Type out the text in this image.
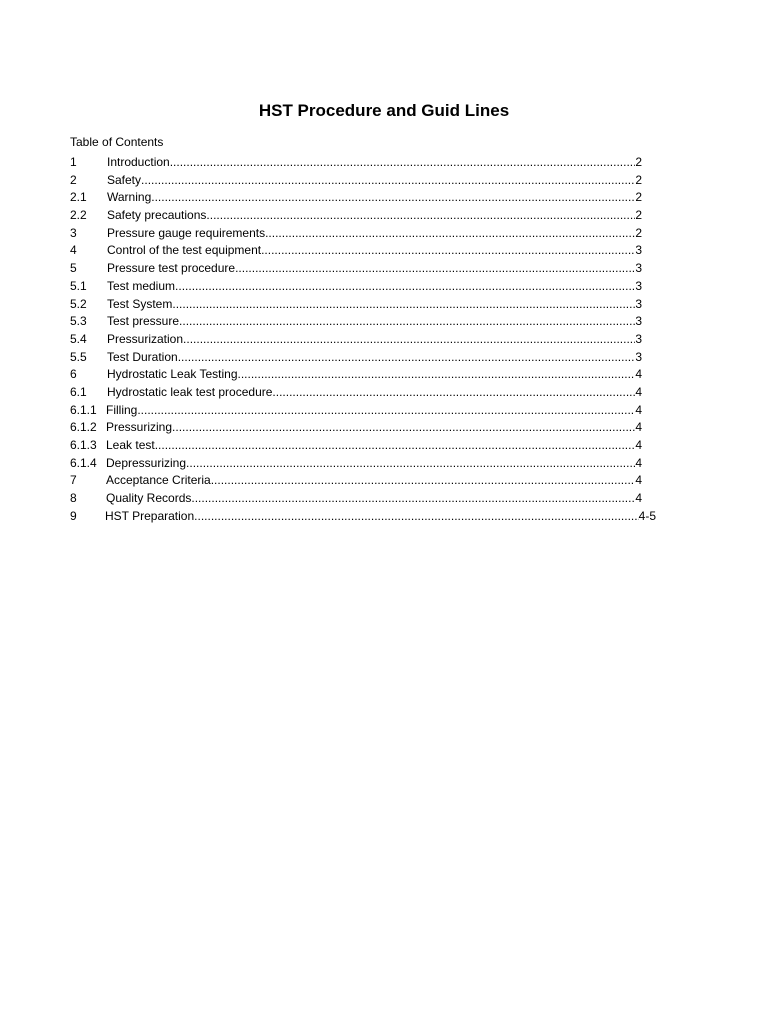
HST Procedure and Guid Lines
Table of Contents
1	Introduction .....	2
2	Safety .....	2
2.1 Warning .....	2
2.2 Safety precautions .....	2
3	Pressure gauge requirements .....	2
4	Control of the test equipment .....	3
5	Pressure test procedure .....	3
5.1 Test medium .....	3
5.2 Test System .....	3
5.3 Test pressure .....	3
5.4 Pressurization .....	3
5.5 Test Duration .....	3
6	Hydrostatic Leak Testing .....	4
6.1 Hydrostatic leak test procedure .....	4
6.1.1 Filling .....	4
6.1.2 Pressurizing .....	4
6.1.3 Leak test .....	4
6.1.4 Depressurizing .....	4
7 Acceptance Criteria .....	4
8 Quality Records .....	4
9 HST Preparation .....	4-5
